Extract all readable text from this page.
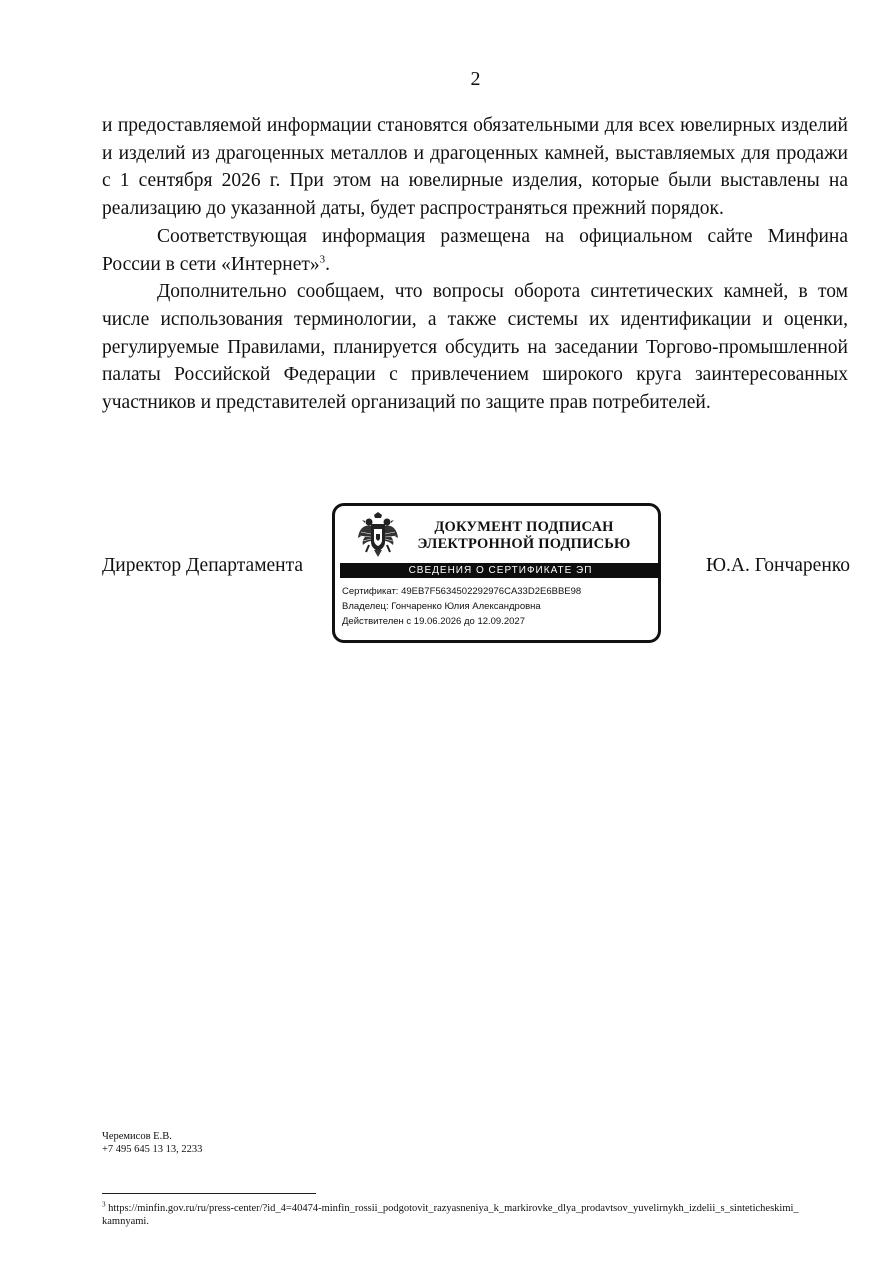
2

и предоставляемой информации становятся обязательными для всех ювелирных изделий и изделий из драгоценных металлов и драгоценных камней, выставляемых для продажи с 1 сентября 2026 г. При этом на ювелирные изделия, которые были выставлены на реализацию до указанной даты, будет распространяться прежний порядок.

Соответствующая информация размещена на официальном сайте Минфина России в сети «Интернет»$^3$.

Дополнительно сообщаем, что вопросы оборота синтетических камней, в том числе использования терминологии, а также системы их идентификации и оценки, регулируемые Правилами, планируется обсудить на заседании Торгово-промышленной палаты Российской Федерации с привлечением широкого круга заинтересованных участников и представителей организаций по защите прав потребителей.

Директор Департамента	Ю.А. Гончаренко
ДОКУМЕНТ ПОДПИСАН
ЭЛЕКТРОННОЙ ПОДПИСЬЮ
СВЕДЕНИЯ О СЕРТИФИКАТЕ ЭП
Сертификат: 49EB7F5634502292976CA33D2E6BBE98
Владелец: Гончаренко Юлия Александровна
Действителен с 19.06.2026 до 12.09.2027
Черемисов Е.В.
+7 495 645 13 13, 2233
$^3$ https://minfin.gov.ru/ru/press-center/?id_4=40474-minfin_rossii_podgotovit_razyasneniya_k_markirovke_dlya_prodavtsov_yuvelirnykh_izdelii_s_sinteticheskimi_kamnyami.
